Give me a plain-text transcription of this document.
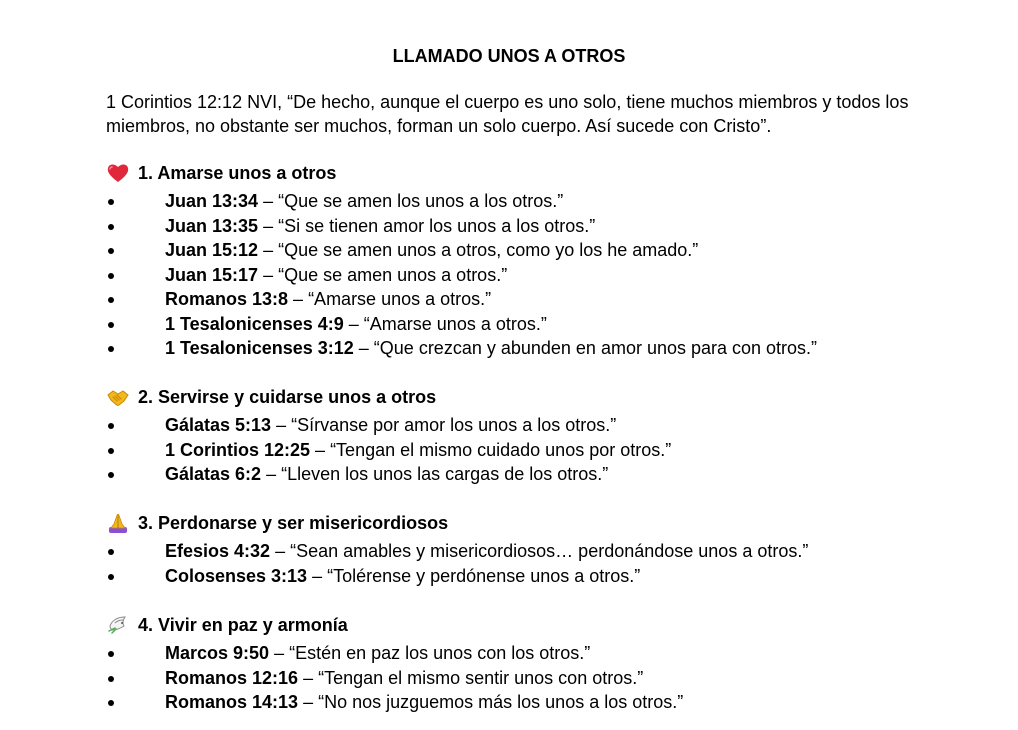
LLAMADO UNOS A OTROS

1 Corintios 12:12 NVI, “De hecho, aunque el cuerpo es uno solo, tiene muchos miembros y todos los miembros, no obstante ser muchos, forman un solo cuerpo. Así sucede con Cristo”.

1. Amarse unos a otros
Juan 13:34 – “Que se amen los unos a los otros.”
Juan 13:35 – “Si se tienen amor los unos a los otros.”
Juan 15:12 – “Que se amen unos a otros, como yo los he amado.”
Juan 15:17 – “Que se amen unos a otros.”
Romanos 13:8 – “Amarse unos a otros.”
1 Tesalonicenses 4:9 – “Amarse unos a otros.”
1 Tesalonicenses 3:12 – “Que crezcan y abunden en amor unos para con otros.”
2. Servirse y cuidarse unos a otros
Gálatas 5:13 – “Sírvanse por amor los unos a los otros.”
1 Corintios 12:25 – “Tengan el mismo cuidado unos por otros.”
Gálatas 6:2 – “Lleven los unos las cargas de los otros.”
3. Perdonarse y ser misericordiosos
Efesios 4:32 – “Sean amables y misericordiosos… perdonándose unos a otros.”
Colosenses 3:13 – “Tolérense y perdónense unos a otros.”
4. Vivir en paz y armonía
Marcos 9:50 – “Estén en paz los unos con los otros.”
Romanos 12:16 – “Tengan el mismo sentir unos con otros.”
Romanos 14:13 – “No nos juzguemos más los unos a los otros.”
